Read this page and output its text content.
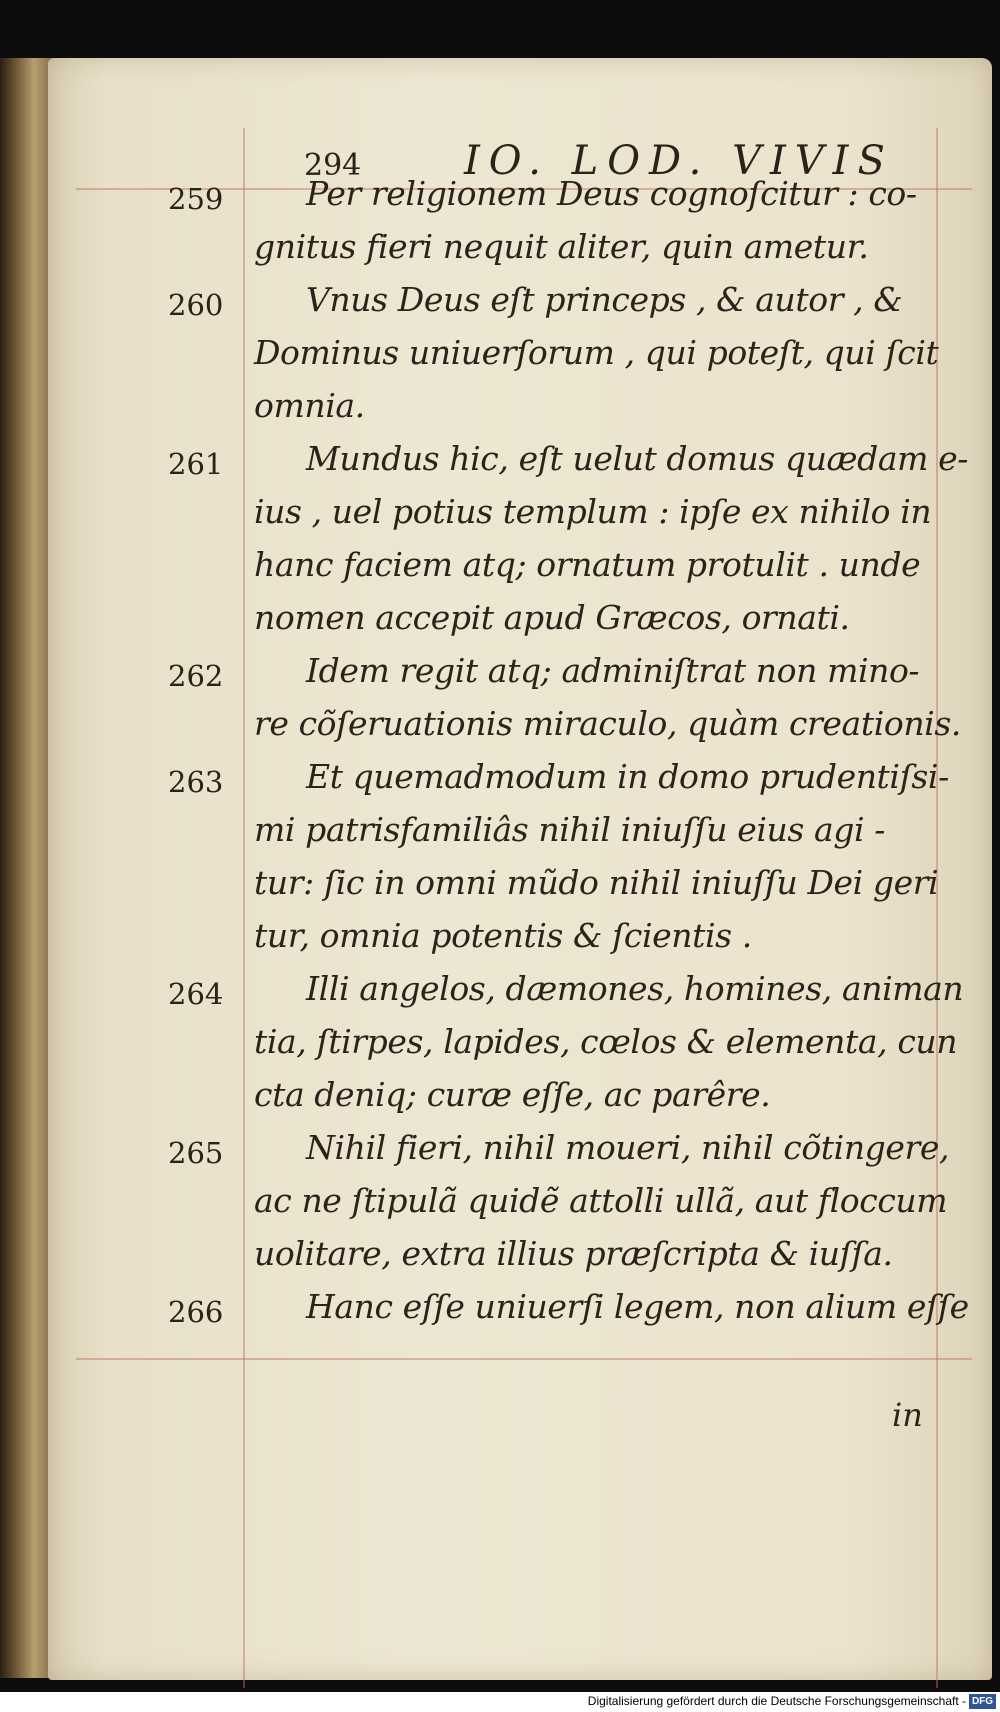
294	IO. LOD. VIVIS
259	Per religionem Deus cognoſcitur : co-
gnitus fieri nequit aliter, quin ametur.
260	Vnus Deus eſt princeps , & autor , &
Dominus uniuerſorum , qui poteſt, qui ſcit
omnia.
261	Mundus hic, eſt uelut domus quædam e-
ius , uel potius templum : ipſe ex nihilo in
hanc faciem atq; ornatum protulit . unde
nomen accepit apud Græcos, ornati.
262	Idem regit atq; adminiſtrat non mino-
re cõſeruationis miraculo, quàm creationis.
263	Et quemadmodum in domo prudentiſsi-
mi patrisfamiliâs nihil iniuſſu eius agi -
tur: ſic in omni mũdo nihil iniuſſu Dei geri
tur, omnia potentis & ſcientis .
264	Illi angelos, dæmones, homines, animan
tia, ſtirpes, lapides, cœlos & elementa, cun
cta deniq; curæ eſſe, ac parêre.
265	Nihil fieri, nihil moueri, nihil cõtingere,
ac ne ſtipulã quidẽ attolli ullã, aut floccum
uolitare, extra illius præſcripta & iuſſa.
266	Hanc eſſe uniuerſi legem, non alium eſſe
in
Digitalisierung gefördert durch die Deutsche Forschungsgemeinschaft - DFG
